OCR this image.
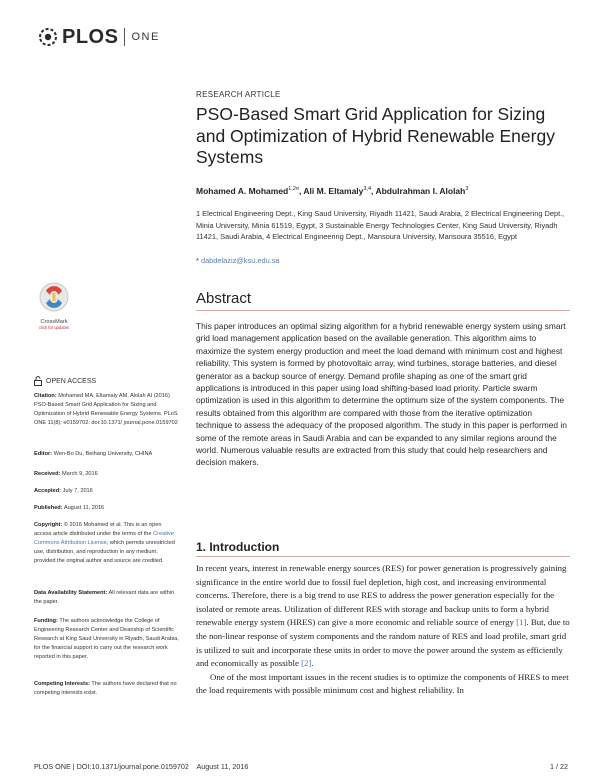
PLOS ONE
RESEARCH ARTICLE
PSO-Based Smart Grid Application for Sizing and Optimization of Hybrid Renewable Energy Systems
Mohamed A. Mohamed$^{1,2¤}$, Ali M. Eltamaly$^{3,4}$, Abdulrahman I. Alolah$^3$
1 Electrical Engineering Dept., King Saud University, Riyadh 11421, Saudi Arabia, 2 Electrical Engineering Dept., Minia University, Minia 61519, Egypt, 3 Sustainable Energy Technologies Center, King Saud University, Riyadh 11421, Saudi Arabia, 4 Electrical Engineering Dept., Mansoura University, Mansoura 35516, Egypt
* dabdelaziz@ksu.edu.sa
Abstract
This paper introduces an optimal sizing algorithm for a hybrid renewable energy system using smart grid load management application based on the available generation. This algorithm aims to maximize the system energy production and meet the load demand with minimum cost and highest reliability. This system is formed by photovoltaic array, wind turbines, storage batteries, and diesel generator as a backup source of energy. Demand profile shaping as one of the smart grid applications is introduced in this paper using load shifting-based load priority. Particle swarm optimization is used in this algorithm to determine the optimum size of the system components. The results obtained from this algorithm are compared with those from the iterative optimization technique to assess the adequacy of the proposed algorithm. The study in this paper is performed in some of the remote areas in Saudi Arabia and can be expanded to any similar regions around the world. Numerous valuable results are extracted from this study that could help researchers and decision makers.
1. Introduction

In recent years, interest in renewable energy sources (RES) for power generation is progressively gaining significance in the entire world due to fossil fuel depletion, high cost, and increasing environmental concerns. Therefore, there is a big trend to use RES to address the power generation especially for the isolated or remote areas. Utilization of different RES with storage and backup units to form a hybrid renewable energy system (HRES) can give a more economic and reliable source of energy [1]. But, due to the non-linear response of system components and the random nature of RES and load profile, smart grid is utilized to suit and incorporate these units in order to move the power around the system as efficiently and economically as possible [2].

One of the most important issues in the recent studies is to optimize the components of HRES to meet the load requirements with possible minimum cost and highest reliability. In

CrossMark
click for updates
OPEN ACCESS
Citation: Mohamed MA, Eltamaly AM, Alolah AI (2016) PSO-Based Smart Grid Application for Sizing and Optimization of Hybrid Renewable Energy Systems. PLoS ONE 11(8): e0159702. doi:10.1371/ journal.pone.0159702
Editor: Wen-Bo Du, Beihang University, CHINA
Received: March 9, 2016
Accepted: July 7, 2016
Published: August 11, 2016
Copyright: © 2016 Mohamed et al. This is an open access article distributed under the terms of the Creative Commons Attribution License, which permits unrestricted use, distribution, and reproduction in any medium, provided the original author and source are credited.
Data Availability Statement: All relevant data are within the paper.
Funding: The authors acknowledge the College of Engineering Research Center and Deanship of Scientific Research at King Saud University in Riyadh, Saudi Arabia, for the financial support to carry out the research work reported in this paper.
Competing Interests: The authors have declared that no competing interests exist.
PLOS ONE | DOI:10.1371/journal.pone.0159702    August 11, 2016	1 / 22
